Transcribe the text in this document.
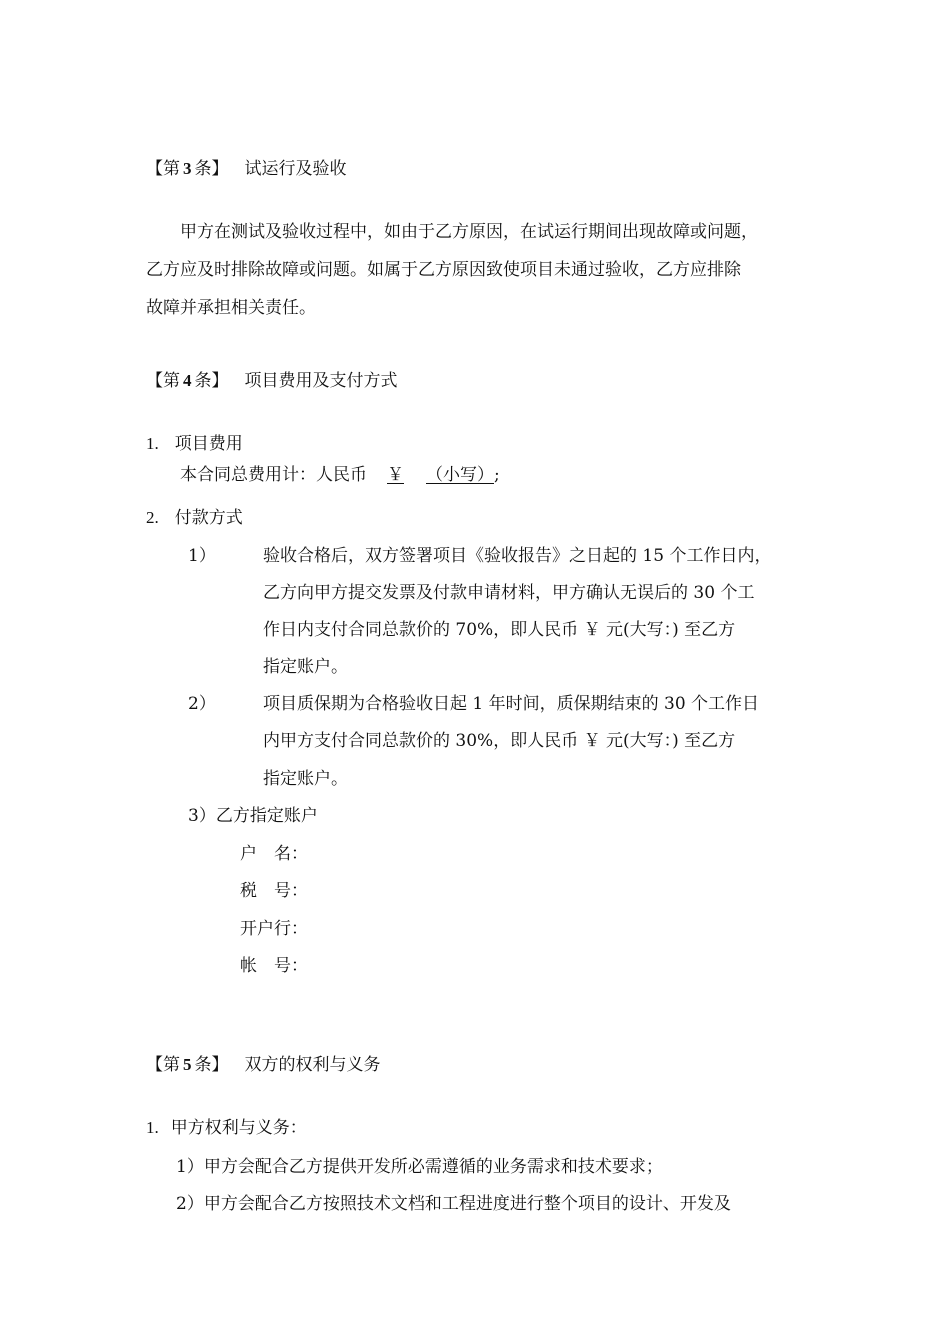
【第 3 条】 试运行及验收
甲方在测试及验收过程中，如由于乙方原因，在试运行期间出现故障或问题，
乙方应及时排除故障或问题。如属于乙方原因致使项目未通过验收，乙方应排除
故障并承担相关责任。
【第 4 条】 项目费用及支付方式
1. 项目费用
本合同总费用计：人民币 ￥ （小写）;
2. 付款方式
1）	验收合格后，双方签署项目《验收报告》之日起的 15 个工作日内，
乙方向甲方提交发票及付款申请材料，甲方确认无误后的 30 个工
作日内支付合同总款价的 70%，即人民币 ￥ 元(大写：) 至乙方
指定账户。
2）	项目质保期为合格验收日起 1 年时间，质保期结束的 30 个工作日
内甲方支付合同总款价的 30%，即人民币 ￥ 元(大写：) 至乙方
指定账户。
3）乙方指定账户
户　名：
税　号：
开户行：
帐　号：
【第 5 条】 双方的权利与义务
1. 甲方权利与义务：
1）甲方会配合乙方提供开发所必需遵循的业务需求和技术要求；
2）甲方会配合乙方按照技术文档和工程进度进行整个项目的设计、开发及
